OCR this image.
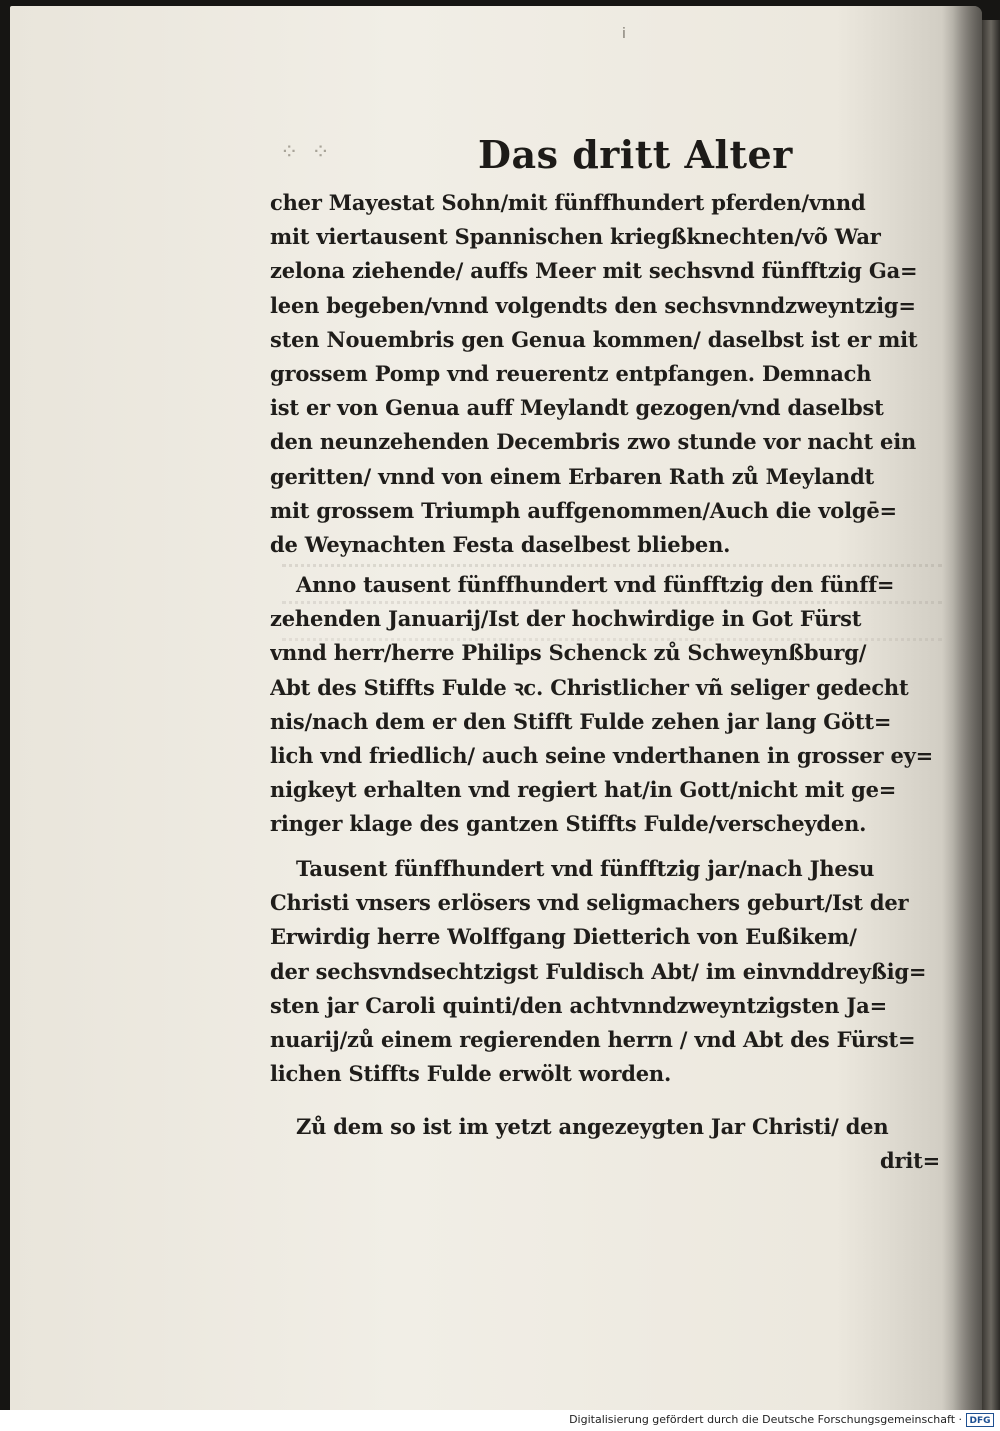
i
⁘ ⁘	Das dritt Alter
cher Mayestat Sohn/mit fünffhundert pferden/vnnd
mit viertausent Spannischen kriegßknechten/võ War
zelona ziehende/ auffs Meer mit sechsvnd fünfftzig Ga=
leen begeben/vnnd volgendts den sechsvnndzweyntzig=
sten Nouembris gen Genua kommen/ daselbst ist er mit
grossem Pomp vnd reuerentz entpfangen. Demnach
ist er von Genua auff Meylandt gezogen/vnd daselbst
den neunzehenden Decembris zwo stunde vor nacht ein
geritten/ vnnd von einem Erbaren Rath zů Meylandt
mit grossem Triumph auffgenommen/Auch die volgē=
de Weynachten Festa daselbest blieben.
Anno tausent fünffhundert vnd fünfftzig den fünff=
zehenden Januarij/Ist der hochwirdige in Got Fürst
vnnd herr/herre Philips Schenck zů Schweynßburg/
Abt des Stiffts Fulde ꝛc. Christlicher vñ seliger gedecht
nis/nach dem er den Stifft Fulde zehen jar lang Gött=
lich vnd friedlich/ auch seine vnderthanen in grosser ey=
nigkeyt erhalten vnd regiert hat/in Gott/nicht mit ge=
ringer klage des gantzen Stiffts Fulde/verscheyden.
Tausent fünffhundert vnd fünfftzig jar/nach Jhesu
Christi vnsers erlösers vnd seligmachers geburt/Ist der
Erwirdig herre Wolffgang Dietterich von Eußikem/
der sechsvndsechtzigst Fuldisch Abt/ im einvnddreyßig=
sten jar Caroli quinti/den achtvnndzweyntzigsten Ja=
nuarij/zů einem regierenden herrn / vnd Abt des Fürst=
lichen Stiffts Fulde erwölt worden.
Zů dem so ist im yetzt angezeygten Jar Christi/ den
drit=
Digitalisierung gefördert durch die Deutsche Forschungsgemeinschaft · DFG
